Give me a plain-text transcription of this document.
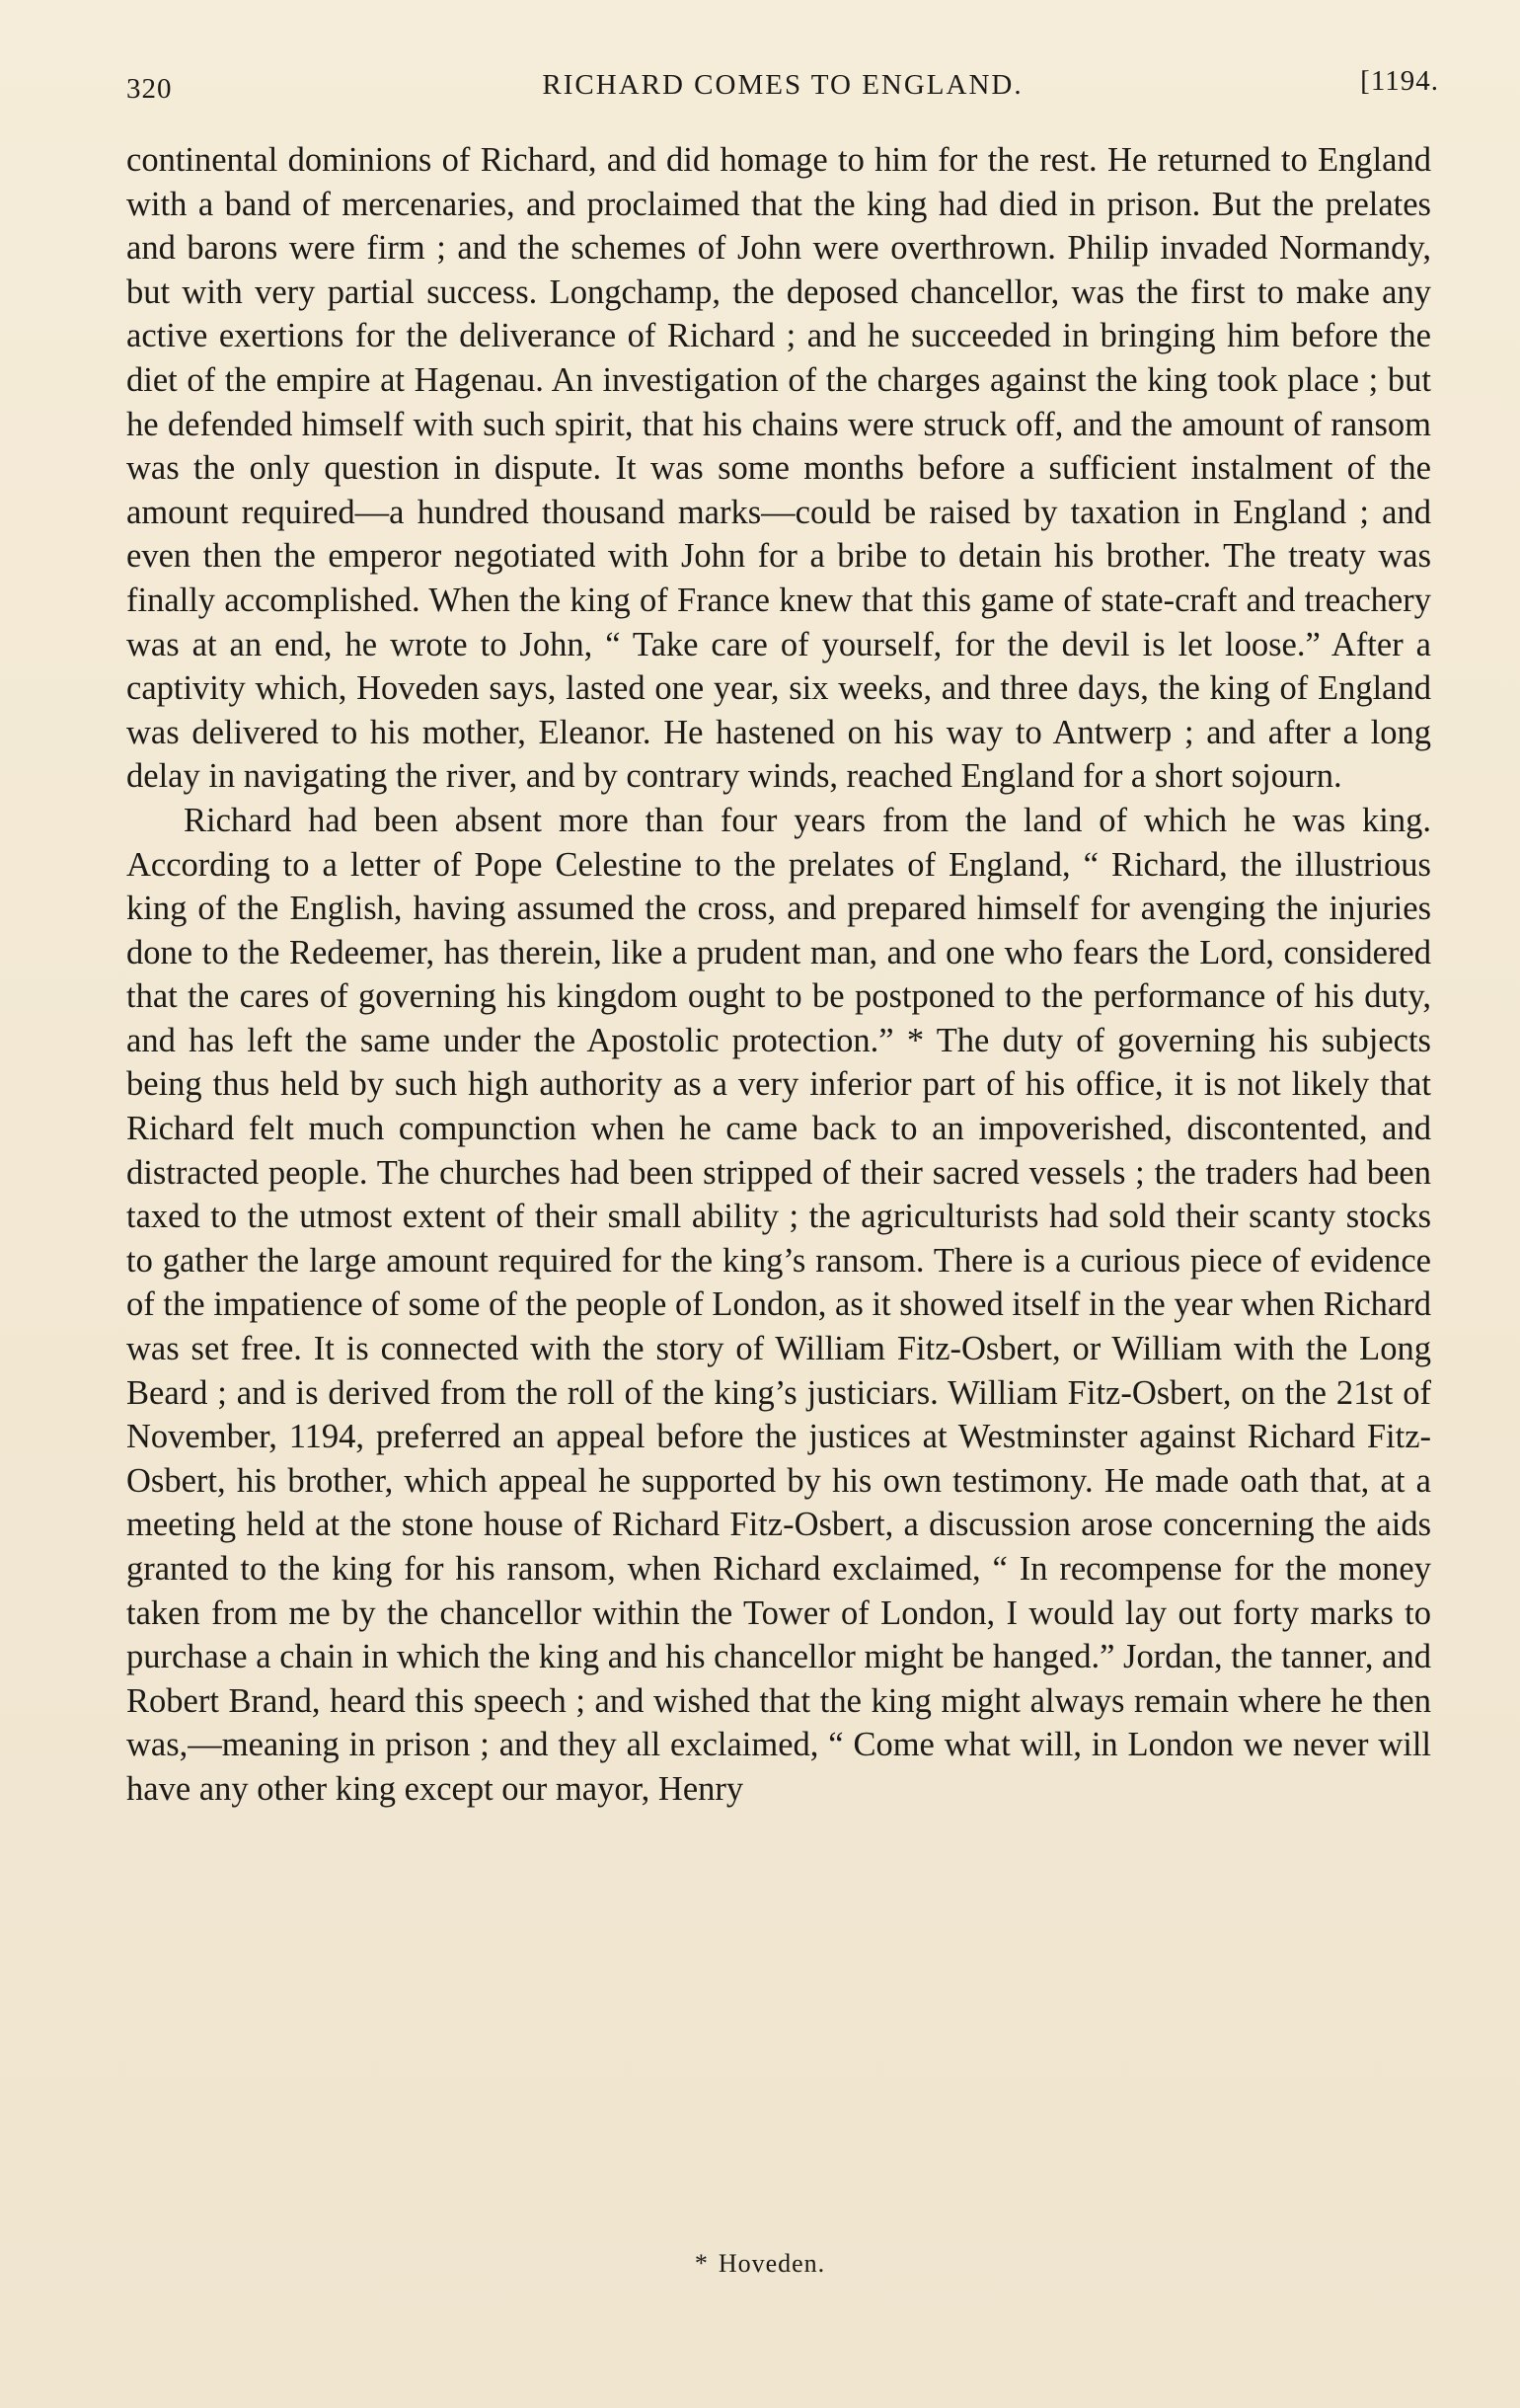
320	RICHARD COMES TO ENGLAND.	[1194.

continental dominions of Richard, and did homage to him for the rest. He returned to England with a band of mercenaries, and proclaimed that the king had died in prison. But the prelates and barons were firm ; and the schemes of John were overthrown. Philip invaded Normandy, but with very partial success. Longchamp, the deposed chancellor, was the first to make any active exertions for the deliverance of Richard ; and he succeeded in bringing him before the diet of the empire at Hagenau. An investigation of the charges against the king took place ; but he defended himself with such spirit, that his chains were struck off, and the amount of ransom was the only question in dispute. It was some months before a sufficient instalment of the amount required—a hundred thousand marks—could be raised by taxation in England ; and even then the emperor negotiated with John for a bribe to detain his brother. The treaty was finally accomplished. When the king of France knew that this game of state-craft and treachery was at an end, he wrote to John, “ Take care of yourself, for the devil is let loose.” After a captivity which, Hoveden says, lasted one year, six weeks, and three days, the king of England was delivered to his mother, Eleanor. He hastened on his way to Antwerp ; and after a long delay in navigating the river, and by contrary winds, reached England for a short sojourn.

Richard had been absent more than four years from the land of which he was king. According to a letter of Pope Celestine to the prelates of England, “ Richard, the illustrious king of the English, having assumed the cross, and prepared himself for avenging the injuries done to the Redeemer, has therein, like a prudent man, and one who fears the Lord, considered that the cares of governing his kingdom ought to be postponed to the performance of his duty, and has left the same under the Apostolic protection.” * The duty of governing his subjects being thus held by such high authority as a very inferior part of his office, it is not likely that Richard felt much compunction when he came back to an impoverished, discontented, and distracted people. The churches had been stripped of their sacred vessels ; the traders had been taxed to the utmost extent of their small ability ; the agriculturists had sold their scanty stocks to gather the large amount required for the king’s ransom. There is a curious piece of evidence of the impatience of some of the people of London, as it showed itself in the year when Richard was set free. It is connected with the story of William Fitz-Osbert, or William with the Long Beard ; and is derived from the roll of the king’s justiciars. William Fitz-Osbert, on the 21st of November, 1194, preferred an appeal before the justices at Westminster against Richard Fitz-Osbert, his brother, which appeal he supported by his own testimony. He made oath that, at a meeting held at the stone house of Richard Fitz-Osbert, a discussion arose concerning the aids granted to the king for his ransom, when Richard exclaimed, “ In recompense for the money taken from me by the chancellor within the Tower of London, I would lay out forty marks to purchase a chain in which the king and his chancellor might be hanged.” Jordan, the tanner, and Robert Brand, heard this speech ; and wished that the king might always remain where he then was,—meaning in prison ; and they all exclaimed, “ Come what will, in London we never will have any other king except our mayor, Henry

* Hoveden.
